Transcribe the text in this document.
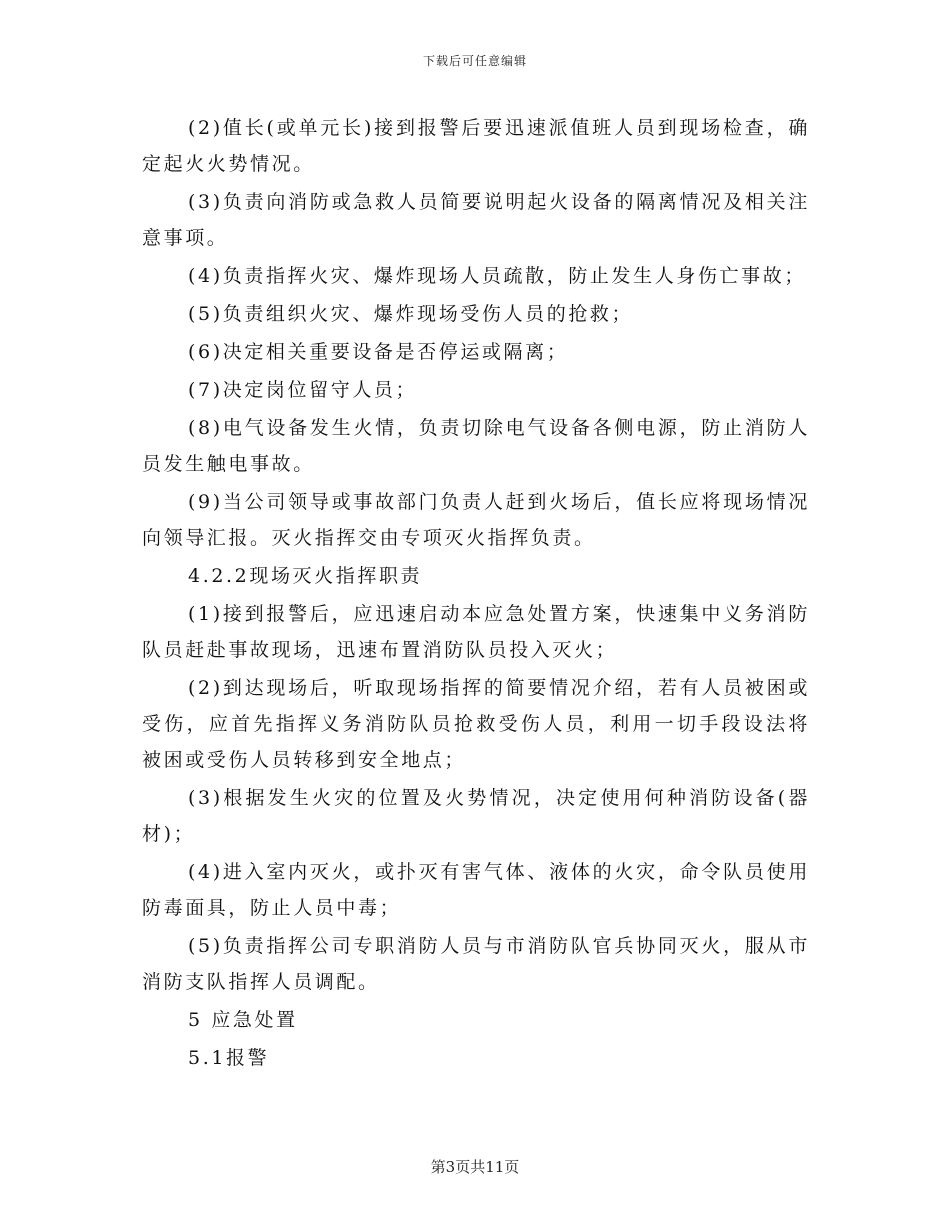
下载后可任意编辑

(2)值长(或单元长)接到报警后要迅速派值班人员到现场检查，确定起火火势情况。

(3)负责向消防或急救人员简要说明起火设备的隔离情况及相关注意事项。

(4)负责指挥火灾、爆炸现场人员疏散，防止发生人身伤亡事故；

(5)负责组织火灾、爆炸现场受伤人员的抢救；

(6)决定相关重要设备是否停运或隔离；

(7)决定岗位留守人员；

(8)电气设备发生火情，负责切除电气设备各侧电源，防止消防人员发生触电事故。

(9)当公司领导或事故部门负责人赶到火场后，值长应将现场情况向领导汇报。灭火指挥交由专项灭火指挥负责。

4.2.2现场灭火指挥职责

(1)接到报警后，应迅速启动本应急处置方案，快速集中义务消防队员赶赴事故现场，迅速布置消防队员投入灭火；

(2)到达现场后，听取现场指挥的简要情况介绍，若有人员被困或受伤，应首先指挥义务消防队员抢救受伤人员，利用一切手段设法将被困或受伤人员转移到安全地点；

(3)根据发生火灾的位置及火势情况，决定使用何种消防设备(器材)；

(4)进入室内灭火，或扑灭有害气体、液体的火灾，命令队员使用防毒面具，防止人员中毒；

(5)负责指挥公司专职消防人员与市消防队官兵协同灭火，服从市消防支队指挥人员调配。

5 应急处置

5.1报警

第3页共11页
